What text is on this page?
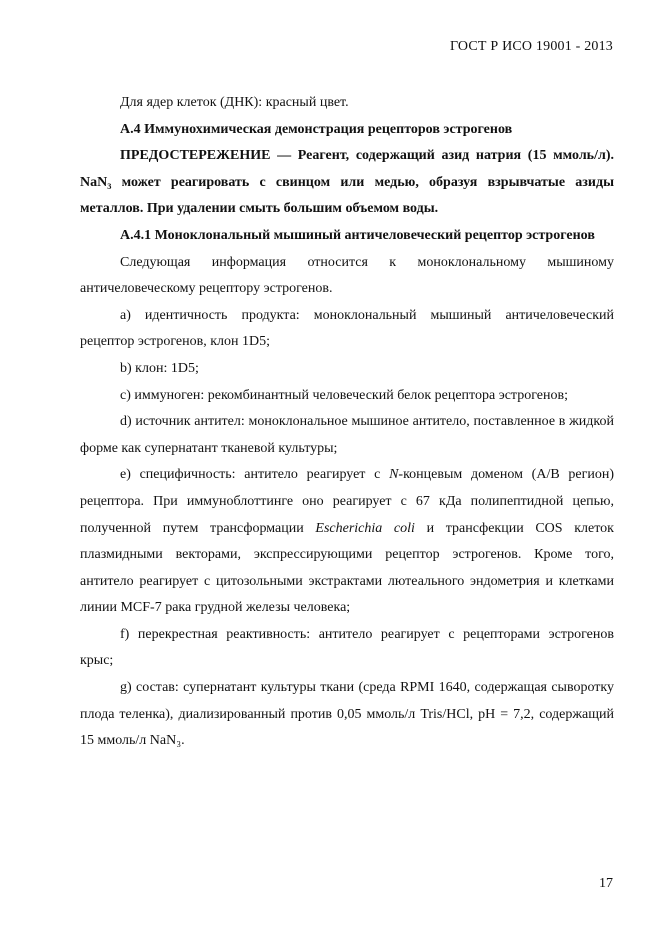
ГОСТ Р ИСО 19001 - 2013

Для ядер клеток (ДНК): красный цвет.

А.4 Иммунохимическая демонстрация рецепторов эстрогенов

ПРЕДОСТЕРЕЖЕНИЕ — Реагент, содержащий азид натрия (15 ммоль/л). NaN₃ может реагировать с свинцом или медью, образуя взрывчатые азиды металлов. При удалении смыть большим объемом воды.

А.4.1 Моноклональный мышиный античеловеческий рецептор эстрогенов

Следующая информация относится к моноклональному мышиному античеловеческому рецептору эстрогенов.

a) идентичность продукта: моноклональный мышиный античеловеческий рецептор эстрогенов, клон 1D5;

b) клон: 1D5;

c) иммуноген: рекомбинантный человеческий белок рецептора эстрогенов;

d) источник антител: моноклональное мышиное антитело, поставленное в жидкой форме как супернатант тканевой культуры;

e) специфичность: антитело реагирует с N-концевым доменом (A/B регион) рецептора. При иммуноблоттинге оно реагирует с 67 кДа полипептидной цепью, полученной путем трансформации Escherichia coli и трансфекции COS клеток плазмидными векторами, экспрессирующими рецептор эстрогенов. Кроме того, антитело реагирует с цитозольными экстрактами лютеального эндометрия и клетками линии MCF-7 рака грудной железы человека;

f) перекрестная реактивность: антитело реагирует с рецепторами эстрогенов крыс;

g) состав: супернатант культуры ткани (среда RPMI 1640, содержащая сыворотку плода теленка), диализированный против 0,05 ммоль/л Tris/HCl, pH = 7,2, содержащий 15 ммоль/л NaN₃.

17
